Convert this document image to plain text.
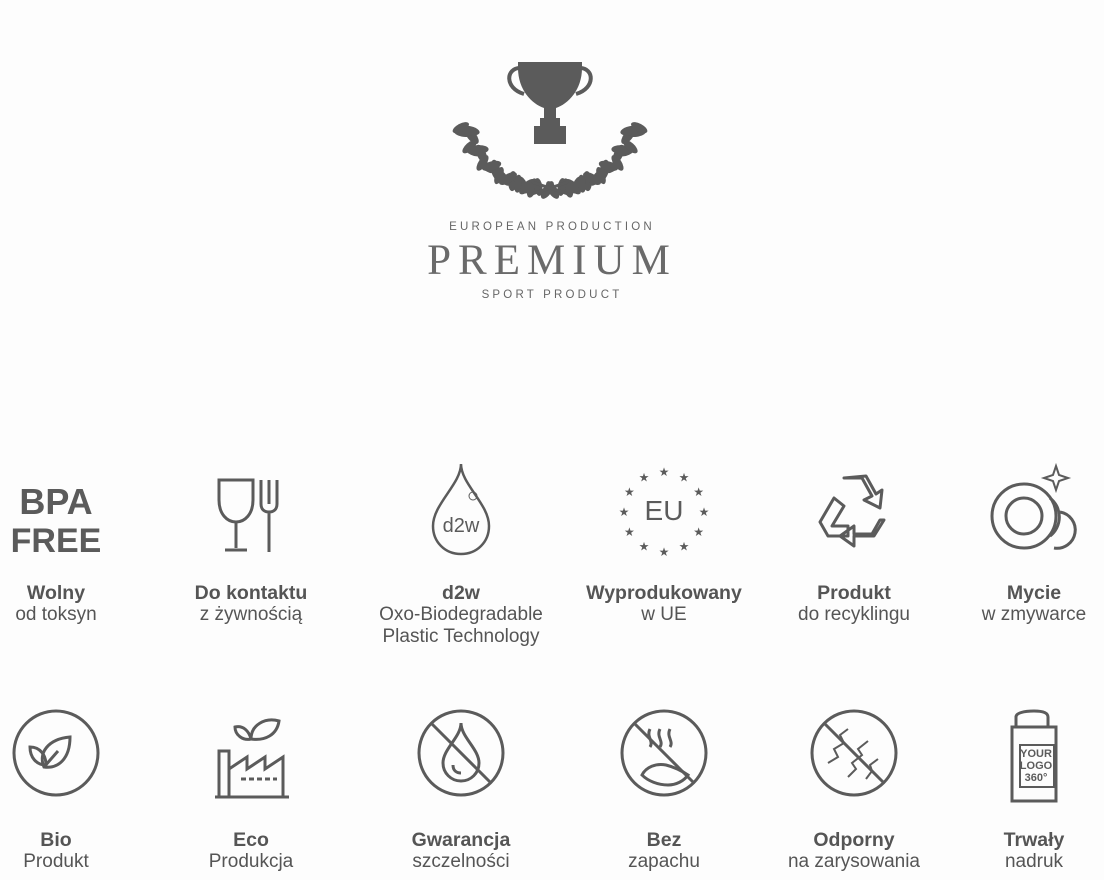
EUROPEAN PRODUCTION
PREMIUM
SPORT PRODUCT
BPA
FREE
Wolny
od toksyn
Do kontaktu
z żywnością
d2w
d2w
Oxo-Biodegradable
Plastic Technology
EU ★
★
★
★
★
★
★
★
★ ★ ★
★
Wyprodukowany
w UE
Produkt
do recyklingu
Mycie
w zmywarce
Bio
Produkt
Eco
Produkcja
Gwarancja
szczelności
Bez
zapachu
Odporny
na zarysowania
YOUR
LOGO
360°
Trwały
nadruk
